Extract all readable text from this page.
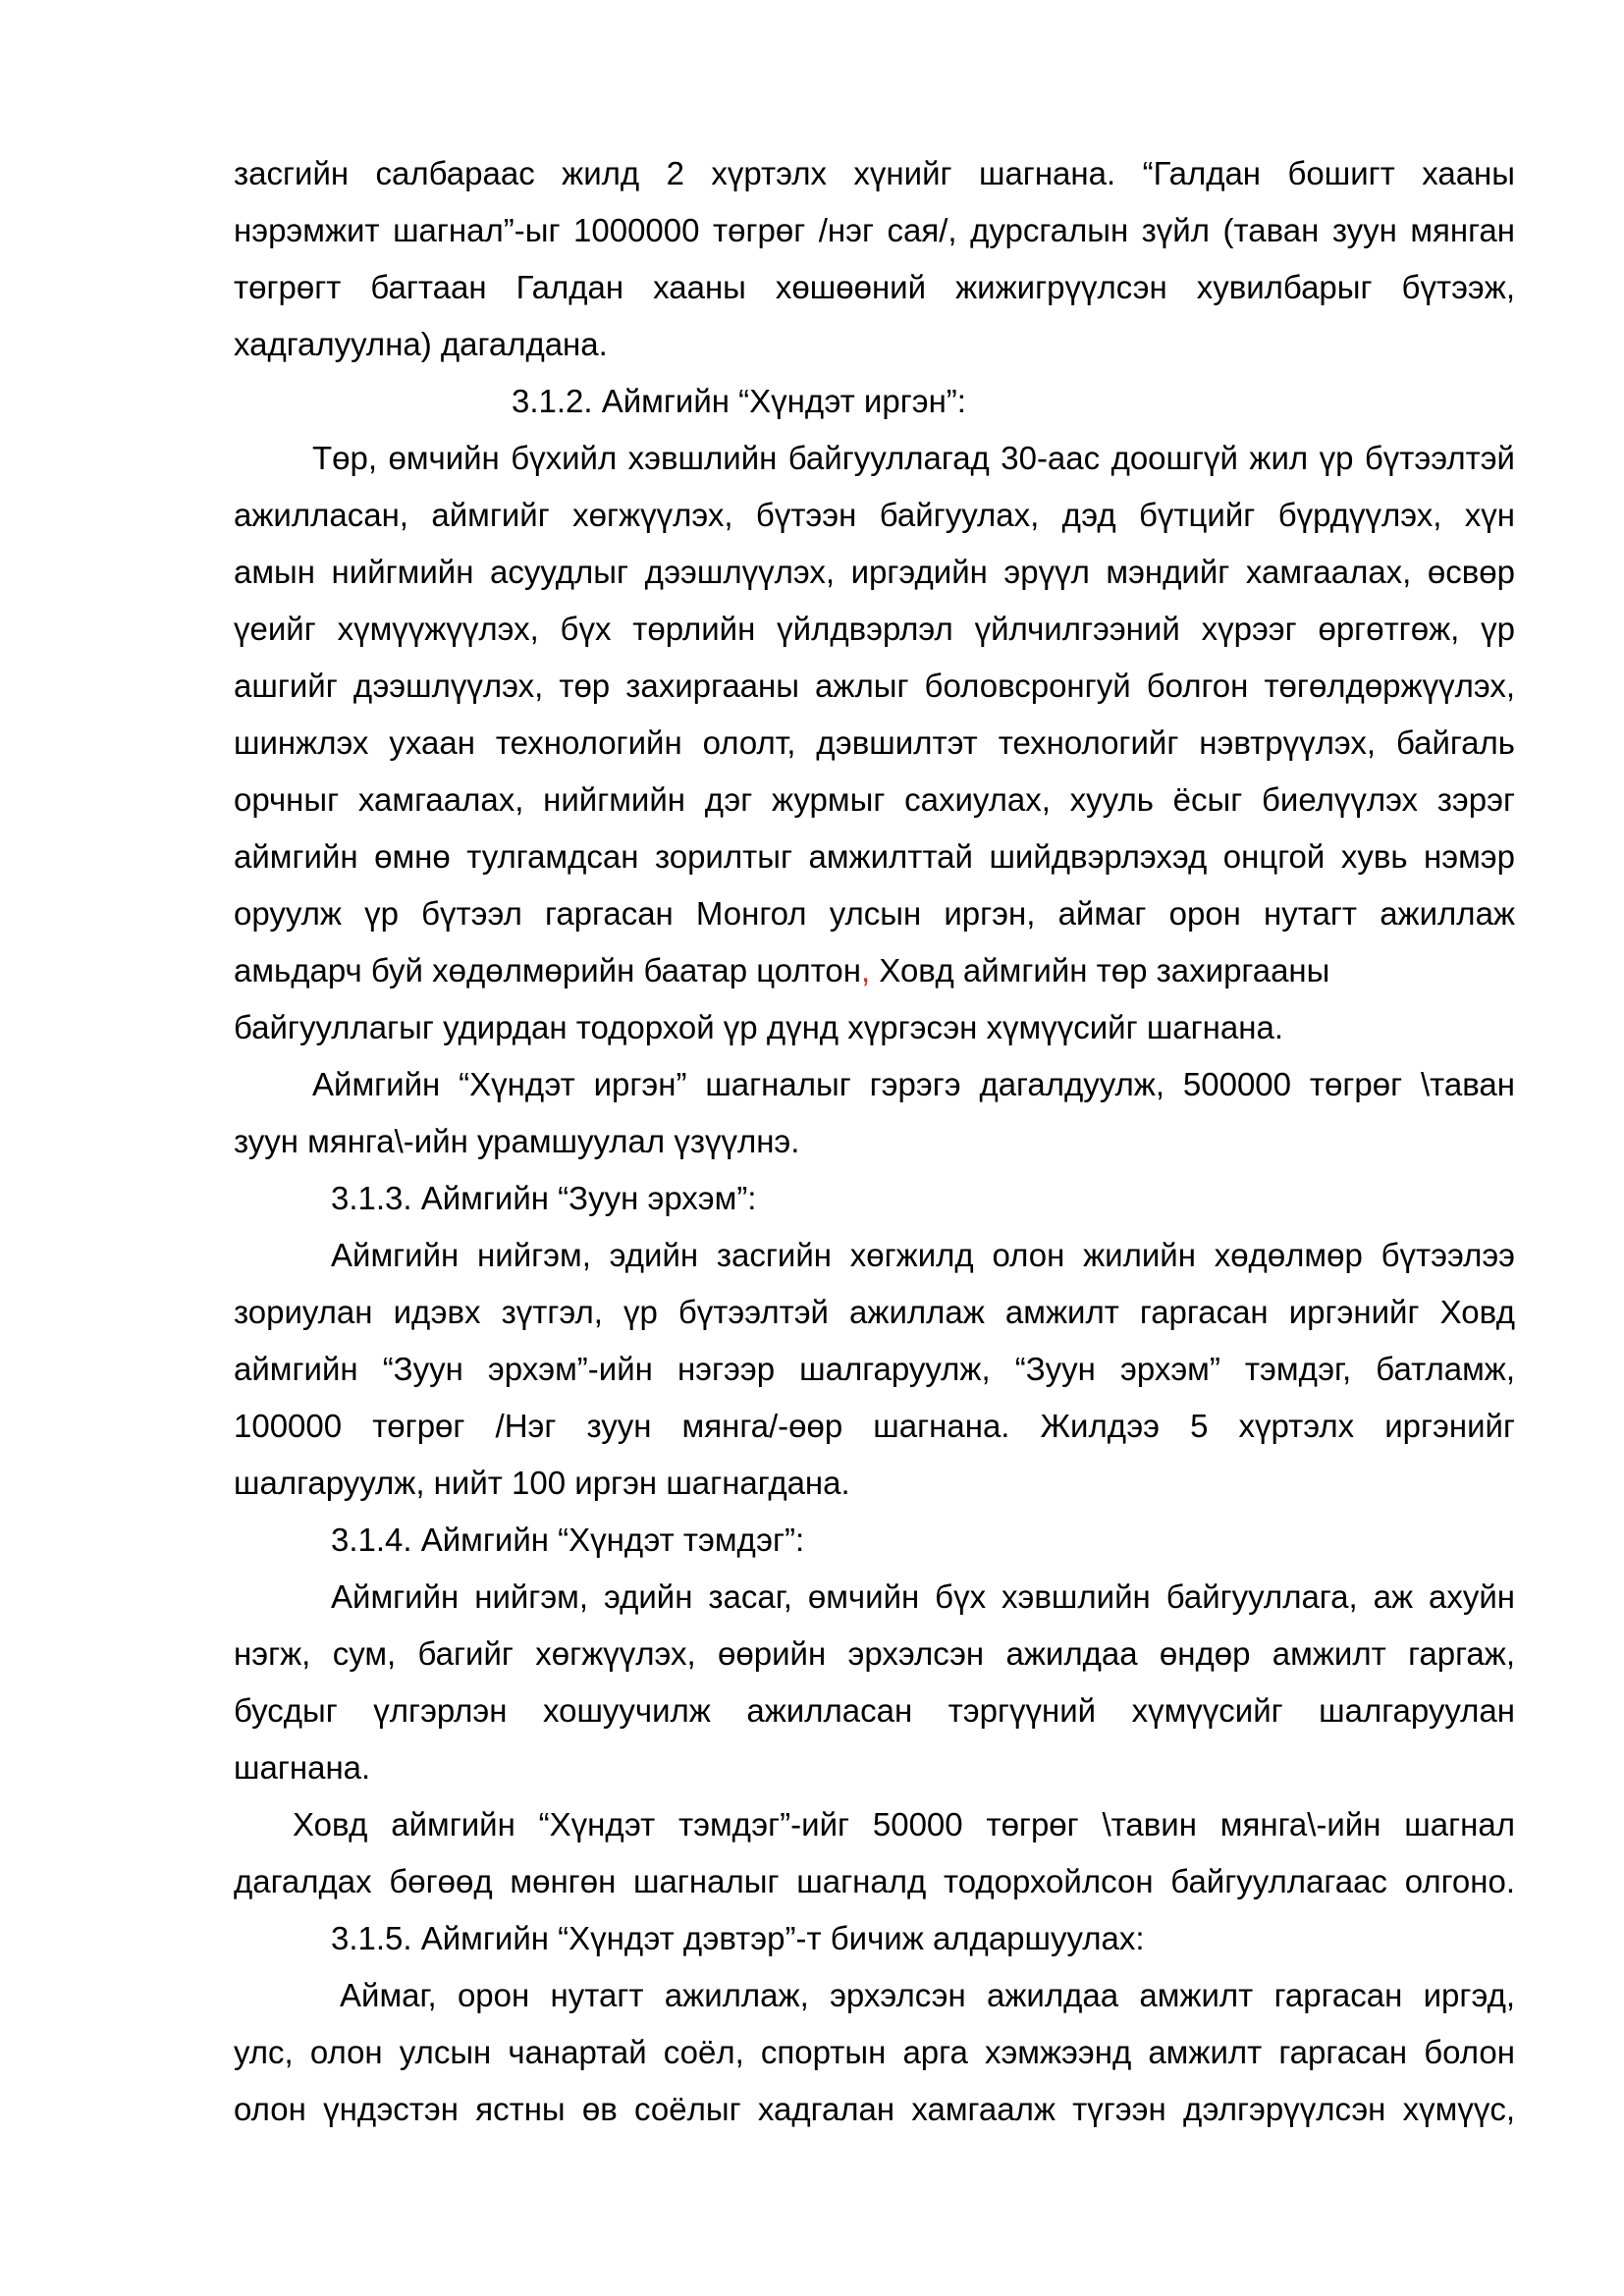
засгийн салбараас жилд 2 хүртэлх хүнийг шагнана. “Галдан бошигт хааны
нэрэмжит шагнал”-ыг 1000000 төгрөг /нэг сая/, дурсгалын зүйл (таван зуун мянган
төгрөгт багтаан Галдан хааны хөшөөний жижигрүүлсэн хувилбарыг бүтээж,
хадгалуулна) дагалдана.
3.1.2. Аймгийн “Хүндэт иргэн”:
Төр, өмчийн бүхийл хэвшлийн байгууллагад 30-аас доошгүй жил үр бүтээлтэй
ажилласан, аймгийг хөгжүүлэх, бүтээн байгуулах, дэд бүтцийг бүрдүүлэх, хүн
амын нийгмийн асуудлыг дээшлүүлэх, иргэдийн эрүүл мэндийг хамгаалах, өсвөр
үеийг хүмүүжүүлэх, бүх төрлийн үйлдвэрлэл үйлчилгээний хүрээг өргөтгөж, үр
ашгийг дээшлүүлэх, төр захиргааны ажлыг боловсронгуй болгон төгөлдөржүүлэх,
шинжлэх ухаан технологийн ололт, дэвшилтэт технологийг нэвтрүүлэх, байгаль
орчныг хамгаалах, нийгмийн дэг журмыг сахиулах, хууль ёсыг биелүүлэх зэрэг
аймгийн өмнө тулгамдсан зорилтыг амжилттай шийдвэрлэхэд онцгой хувь нэмэр
оруулж үр бүтээл гаргасан Монгол улсын иргэн, аймаг орон нутагт ажиллаж
амьдарч буй хөдөлмөрийн баатар цолтон, Ховд аймгийн төр захиргааны
байгууллагыг удирдан тодорхой үр дүнд хүргэсэн хүмүүсийг шагнана.
Аймгийн “Хүндэт иргэн” шагналыг гэрэгэ дагалдуулж, 500000 төгрөг \таван
зуун мянга\-ийн урамшуулал үзүүлнэ.
3.1.3. Аймгийн “Зуун эрхэм”:
Аймгийн нийгэм, эдийн засгийн хөгжилд олон жилийн хөдөлмөр бүтээлээ
зориулан идэвх зүтгэл, үр бүтээлтэй ажиллаж амжилт гаргасан иргэнийг Ховд
аймгийн “Зуун эрхэм”-ийн нэгээр шалгаруулж, “Зуун эрхэм” тэмдэг, батламж,
100000 төгрөг /Нэг зуун мянга/-өөр шагнана. Жилдээ 5 хүртэлх иргэнийг
шалгаруулж, нийт 100 иргэн шагнагдана.
3.1.4. Аймгийн “Хүндэт тэмдэг”:
Аймгийн нийгэм, эдийн засаг, өмчийн бүх хэвшлийн байгууллага, аж ахуйн
нэгж, сум, багийг хөгжүүлэх, өөрийн эрхэлсэн ажилдаа өндөр амжилт гаргаж,
бусдыг үлгэрлэн хошуучилж ажилласан тэргүүний хүмүүсийг шалгаруулан
шагнана.
Ховд аймгийн “Хүндэт тэмдэг”-ийг 50000 төгрөг \тавин мянга\-ийн шагнал
дагалдах бөгөөд мөнгөн шагналыг шагналд тодорхойлсон байгууллагаас олгоно.
3.1.5. Аймгийн “Хүндэт дэвтэр”-т бичиж алдаршуулах:
Аймаг, орон нутагт ажиллаж, эрхэлсэн ажилдаа амжилт гаргасан иргэд,
улс, олон улсын чанартай соёл, спортын арга хэмжээнд амжилт гаргасан болон
олон үндэстэн ястны өв соёлыг хадгалан хамгаалж түгээн дэлгэрүүлсэн хүмүүс,
